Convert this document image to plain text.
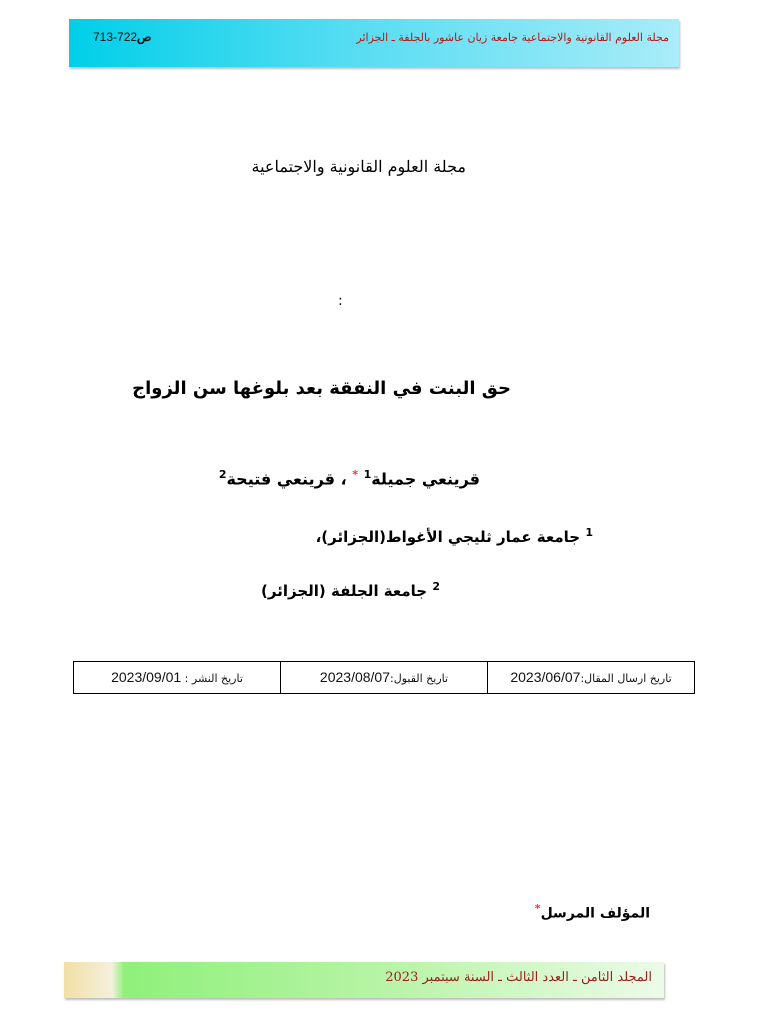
مجلة العلوم القانونية والاجتماعية جامعة زيان عاشور بالجلفة ـ الجزائر
713-722ص
مجلة العلوم القانونية والاجتماعية
:
حق البنت في النفقة بعد بلوغها سن الزواج
قرينعي جميلة$^1$ * ، قرينعي فتيحة$^2$
$^1$ جامعة عمار ثليجي الأغواط(الجزائر)،
$^2$ جامعة الجلفة (الجزائر)
تاريخ ارسال المقال:2023/06/07	تاريخ القبول:2023/08/07	تاريخ النشر : 2023/09/01
المؤلف المرسل*
المجلد الثامن ـ العدد الثالث ـ السنة سبتمبر 2023
